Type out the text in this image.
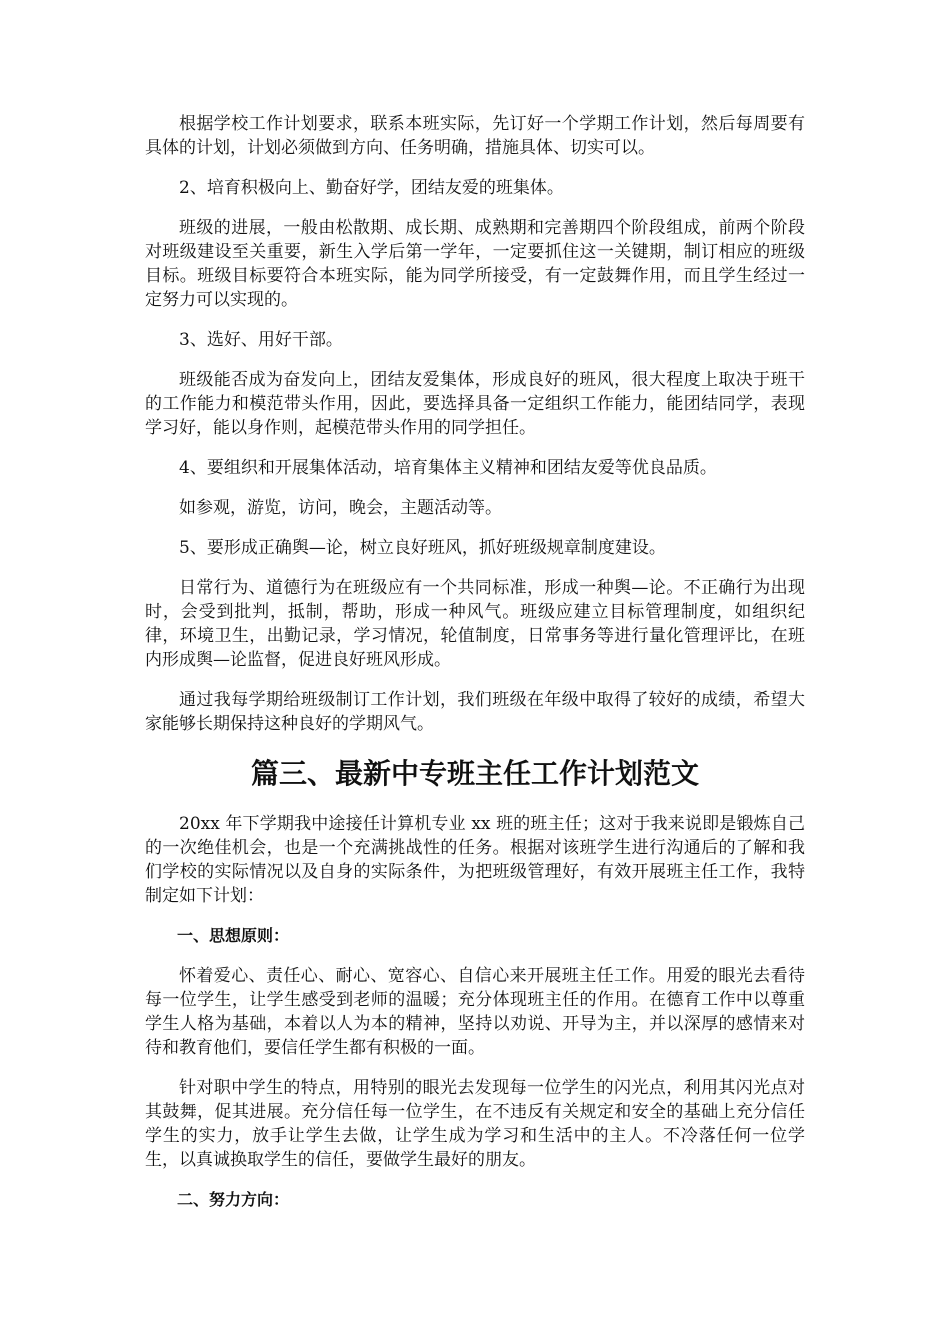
根据学校工作计划要求，联系本班实际，先订好一个学期工作计划，然后每周要有具体的计划，计划必须做到方向、任务明确，措施具体、切实可以。

2、培育积极向上、勤奋好学，团结友爱的班集体。

班级的进展，一般由松散期、成长期、成熟期和完善期四个阶段组成，前两个阶段对班级建设至关重要，新生入学后第一学年，一定要抓住这一关键期，制订相应的班级目标。班级目标要符合本班实际，能为同学所接受，有一定鼓舞作用，而且学生经过一定努力可以实现的。

3、选好、用好干部。

班级能否成为奋发向上，团结友爱集体，形成良好的班风，很大程度上取决于班干的工作能力和模范带头作用，因此，要选择具备一定组织工作能力，能团结同学，表现学习好，能以身作则，起模范带头作用的同学担任。

4、要组织和开展集体活动，培育集体主义精神和团结友爱等优良品质。

如参观，游览，访问，晚会，主题活动等。

5、要形成正确舆—论，树立良好班风，抓好班级规章制度建设。

日常行为、道德行为在班级应有一个共同标准，形成一种舆—论。不正确行为出现时，会受到批判，抵制，帮助，形成一种风气。班级应建立目标管理制度，如组织纪律，环境卫生，出勤记录，学习情况，轮值制度，日常事务等进行量化管理评比，在班内形成舆—论监督，促进良好班风形成。

通过我每学期给班级制订工作计划，我们班级在年级中取得了较好的成绩，希望大家能够长期保持这种良好的学期风气。

篇三、最新中专班主任工作计划范文

20xx 年下学期我中途接任计算机专业 xx 班的班主任；这对于我来说即是锻炼自己的一次绝佳机会，也是一个充满挑战性的任务。根据对该班学生进行沟通后的了解和我们学校的实际情况以及自身的实际条件，为把班级管理好，有效开展班主任工作，我特制定如下计划：

一、思想原则：

怀着爱心、责任心、耐心、宽容心、自信心来开展班主任工作。用爱的眼光去看待每一位学生，让学生感受到老师的温暖；充分体现班主任的作用。在德育工作中以尊重学生人格为基础，本着以人为本的精神，坚持以劝说、开导为主，并以深厚的感情来对待和教育他们，要信任学生都有积极的一面。

针对职中学生的特点，用特别的眼光去发现每一位学生的闪光点，利用其闪光点对其鼓舞，促其进展。充分信任每一位学生，在不违反有关规定和安全的基础上充分信任学生的实力，放手让学生去做，让学生成为学习和生活中的主人。不冷落任何一位学生，以真诚换取学生的信任，要做学生最好的朋友。

二、努力方向：
